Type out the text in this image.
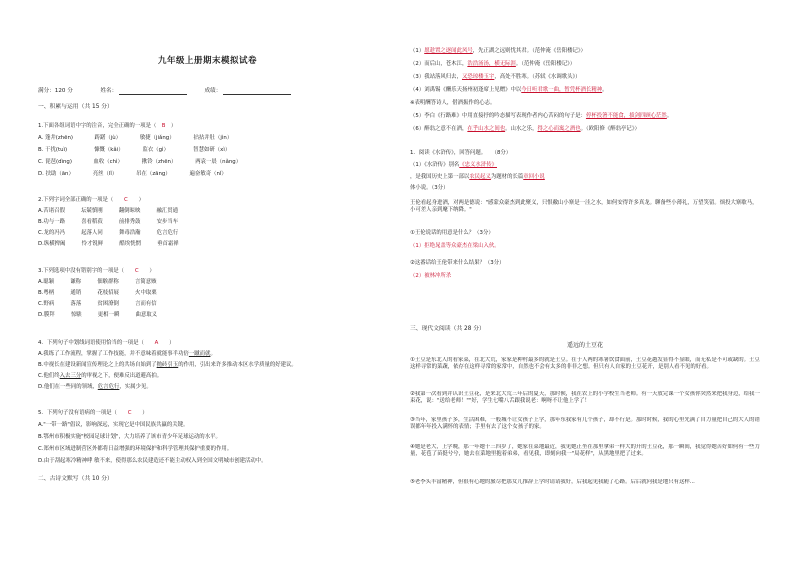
九年级上册期末模拟试卷
满分：120 分	姓名：	成绩：
一、积累与运用（共 15 分）
1.下面各组词语中字的注音，完全正确的一项是（　 B　 ）
A. 蓬井(zhēn)　　　　踌躇（jù）　　　　敏捷（jiǎng）　　　　拈拈并肚（jìn）
B. 干扰(tuì)　　　　　慷慨（kǎi）　　　　监衣（gì）　　　　　智慧如研（xì）
C. 琵琶(dìng)　　　　血收（chì）　　　　揪铃（zhēn）　　　　两袁一晨（nǎng）
D. 扶助（ān）　　　　亮丝（lǐ）　　　　吊在（zāng）　　　　遍奋敏奇（nǐ）
2.下列字词全部正确的一项是（　　 C　　 ）
A.苦诸召假　　　坛兢慎刚　　　翻倒晾映　　　融汇贯通
B.功与一路　　　喜看稻菽　　　前排秀鼓　　　安步当车
C.龙的冯冯　　　起落人同　　　舞毒浩瀚　　　危言危行
D.纵横捭阖　　　怜才锐鲜　　　酷埃恍惘　　　垂首霜禅
3.下列选项中没有错别字的一项是（　　 C　　 ）
A.聪颖　　　谦称　　　佃騃群称　　　言简意赅
B.粤柄　　　通销　　　花枝招展　　　火中取栗
C.野病　　　落落　　　贫困潦倒　　　言而有信
D.膜拜　　　惊騃　　　更相一瞬　　　曲意取义
4．下列句子中划线词语使用恰当的一项是（　　 A　　 ）
A.我练了工作流程，掌握了工作技能，并不意味着就能事半功倍一蹴而就。
B.中视长在建设新闻宣传理论之上的共场自始到了抛砖引玉的作用，引出来许多推动本区水学质量的好建议。
C.他们终入去三分的审视之下，便难反出道避高拍。
D.他们在一些同的领域，危言危行，实属少见。
5．下列句子没有语病的一项是（　　 C　　 ）
A."一带一路"倡议，影响深远，实现它是中国民族共赢的关键。
B.鄂州市积极实施"校园足球计划"，大力培养了该市青少年足球运动的水平。
C.郑州市区域进制营区外都将日益增强的环境保护和科学管理其保护重要的作用。
D.由于刮起寒冷精神哮 敏不来，使得那么农民建造还不能主动权入到全国文明城市创建活动中。
二、古诗文默写（共 10 分）
（1）愿趁置之逐闻此风号，先正湖之远则忧其君。（范仲淹《岳阳楼记》）
（2）而后山，苍木江，浩浩汤汤，横无际涯。（范仲淹《岳阳楼记》）
（3）我站落风归去，又恐琼楼玉宇，高处不胜寒。（苏轼《水调歌头》）
（4）刘禹锡《酬乐天扬州初逢席上见赠》中以今日听君歌一曲，暂凭杯酒长精神。
※表明酬答诗人，借酒振作的心志。
（5）李白《行路难》中用直接抒的吟态描写表现作者内心苦闷的句子是：停杯投箸不能食，拔剑四顾心茫然。
（6）醉翁之意不在酒，在乎山水之间也。山水之乐，得之心而寓之酒也。（欧阳修《醉翁亭记》）
1．阅读《水浒传》，回答问题。　　（8分）
（1）《水浒传》别名《忠义水浒传》
，是我国历史上第一部以农民起义为题材的长篇章回小说
体小说。（3分）
王伦看起身进酒，对两是德说："感蒙众豪杰到此聚义，只恨敝山小寨是一洼之水，如何安得许多真龙。聊备些小薄礼，万望笑留。烦投大寨歇马，小可差人亲到麾下纳降。"
①王伦说话的用意是什么？（3分）
（1）拒绝晁盖等众豪杰在梁山入伙。
②这番话给王伦带来什么结果？（3分）
（2）被林冲所杀
三、现代文阅读（共 28 分）
遥远的土豆花
①土豆是东北人的看家菜，在北大荒，家家是种村最多的就是土豆。在于人两的寒暑饮食面前，土豆花越发显得不显眼，而无私是不可或缺的。土豆这样寻常的菜蔬，依存在这样寻常的家常中，自然也不会有太多的非非之想。但只有人自家的土豆花开，是别人看不见的好看。
②我第一次看到并认识土豆花，是来北大荒三年后的夏天，那时候，我在农上的小学校生当老师。有一天放完课一个女孩你突然来把我身边，给我一束花，说："送给老师！""好，学生七嘴八舌跟我说老：啊呀不让他上学了！
③当年，家里孩子多，生活困难，一般城不让女孩子上学，那年东我家有几个孩子，却不行是。那时时候，我的心里先满了自力量把自己的大人的错误都年年投入满怀的表情；手里有去了这个女孩子的家。
④她是老大，上学晚，那一年她十三四岁了，她家在菜地最近，我见她正坐在那里拿弟一样大的开的土豆花，那一瞬间，我觉得她苦好如何有一些力量，花苞了苗挺兮兮，她去在菜地里抱着弟弟，看见我，即刻向我一"局花样"，从黑地里把了过来。
⑤老李头丰富精神，但很有心地的旅尽把那女儿推辞上学时请请我好，后我起见我随了心路。后后就问我是地只有这样...
